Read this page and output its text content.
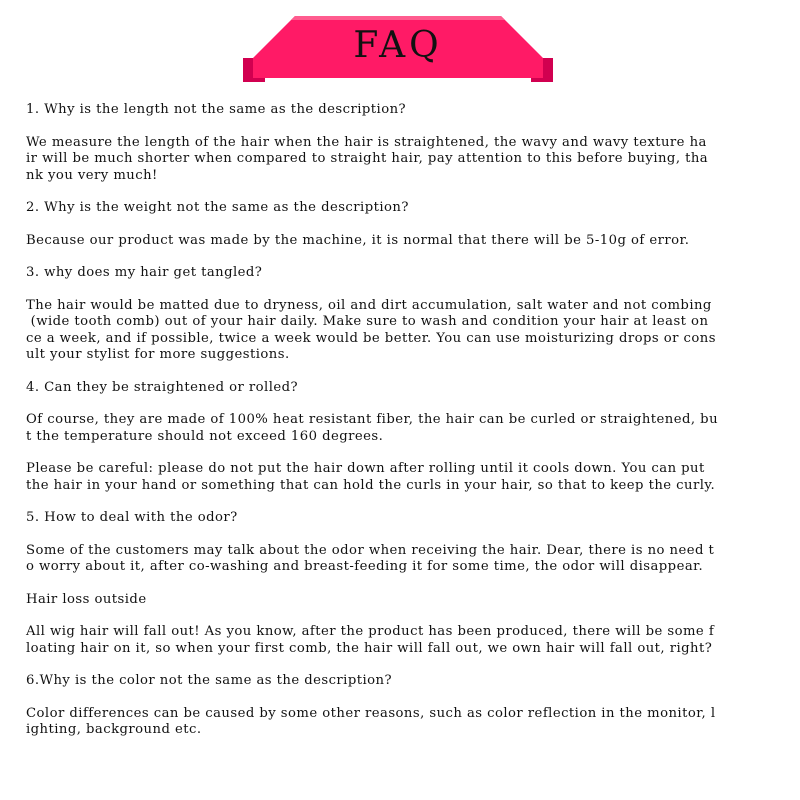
FAQ

1. Why is the length not the same as the description?

We measure the length of the hair when the hair is straightened, the wavy and wavy texture ha
ir will be much shorter when compared to straight hair, pay attention to this before buying, tha
nk you very much!

2. Why is the weight not the same as the description?

Because our product was made by the machine, it is normal that there will be 5-10g of error.

3. why does my hair get tangled?

The hair would be matted due to dryness, oil and dirt accumulation, salt water and not combing
(wide tooth comb) out of your hair daily. Make sure to wash and condition your hair at least on
ce a week, and if possible, twice a week would be better. You can use moisturizing drops or cons
ult your stylist for more suggestions.

4. Can they be straightened or rolled?

Of course, they are made of 100% heat resistant fiber, the hair can be curled or straightened, bu
t the temperature should not exceed 160 degrees.

Please be careful: please do not put the hair down after rolling until it cools down. You can put
the hair in your hand or something that can hold the curls in your hair, so that to keep the curly.

5. How to deal with the odor?

Some of the customers may talk about the odor when receiving the hair. Dear, there is no need t
o worry about it, after co-washing and breast-feeding it for some time, the odor will disappear.

Hair loss outside

All wig hair will fall out! As you know, after the product has been produced, there will be some f
loating hair on it, so when your first comb, the hair will fall out, we own hair will fall out, right?

6.Why is the color not the same as the description?

Color differences can be caused by some other reasons, such as color reflection in the monitor, l
ighting, background etc.
